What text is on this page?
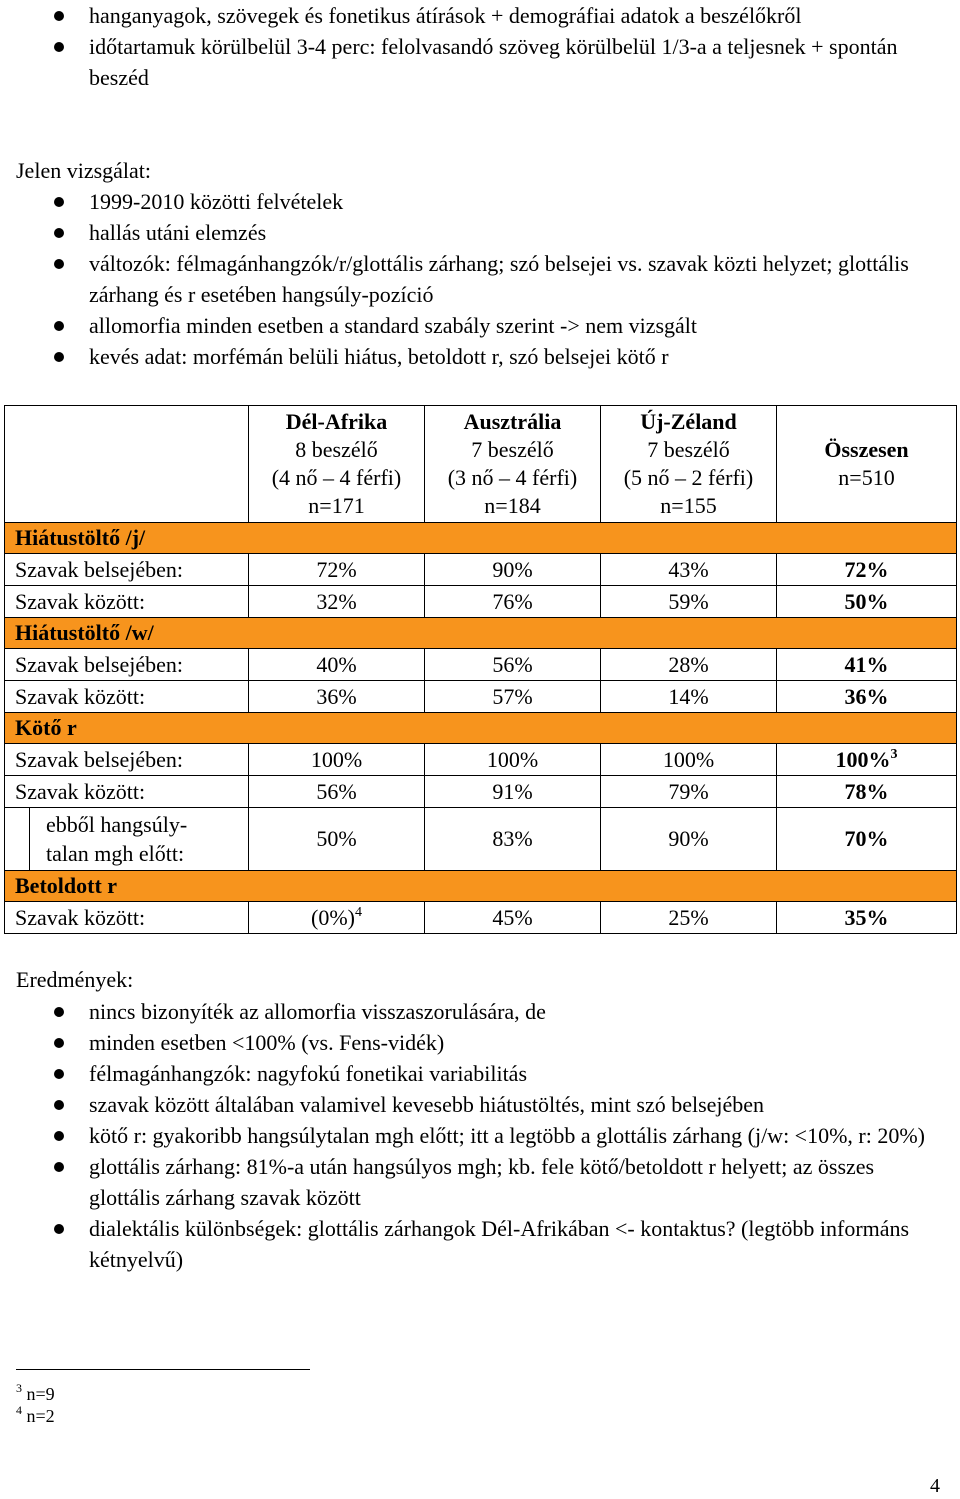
hanganyagok, szövegek és fonetikus átírások + demográfiai adatok a beszélőkről
időtartamuk körülbelül 3-4 perc: felolvasandó szöveg körülbelül 1/3-a a teljesnek + spontán beszéd
Jelen vizsgálat:
1999-2010 közötti felvételek
hallás utáni elemzés
változók: félmagánhangzók/r/glottális zárhang; szó belsejei vs. szavak közti helyzet; glottális zárhang és r esetében hangsúly-pozíció
allomorfia minden esetben a standard szabály szerint -> nem vizsgált
kevés adat: morfémán belüli hiátus, betoldott r, szó belsejei kötő r
	Dél-Afrika
8 beszélő
(4 nő – 4 férfi)
n=171	Ausztrália
7 beszélő
(3 nő – 4 férfi)
n=184	Új-Zéland
7 beszélő
(5 nő – 2 férfi)
n=155	Összesen
n=510
Hiátustöltő /j/				
Szavak belsejében:	72%	90%	43%	72%
Szavak között:	32%	76%	59%	50%
Hiátustöltő /w/				
Szavak belsejében:	40%	56%	28%	41%
Szavak között:	36%	57%	14%	36%
Kötő r				
Szavak belsejében:	100%	100%	100%	100%$^3$
Szavak között:	56%	91%	79%	78%

ebből hangsúly-
talan mgh előtt:	50%	83%	90%	70%
Betoldott r				
Szavak között:	$(0\%)^4$	45%	25%	35%
Eredmények:
nincs bizonyíték az allomorfia visszaszorulására, de
minden esetben <100% (vs. Fens-vidék)
félmagánhangzók: nagyfokú fonetikai variabilitás
szavak között általában valamivel kevesebb hiátustöltés, mint szó belsejében
kötő r: gyakoribb hangsúlytalan mgh előtt; itt a legtöbb a glottális zárhang (j/w: <10%, r: 20%)
glottális zárhang: 81%-a után hangsúlyos mgh; kb. fele kötő/betoldott r helyett; az összes glottális zárhang szavak között
dialektális különbségek: glottális zárhangok Dél-Afrikában <- kontaktus? (legtöbb informáns kétnyelvű)
$^3$ n=9
$^4$ n=2
4
